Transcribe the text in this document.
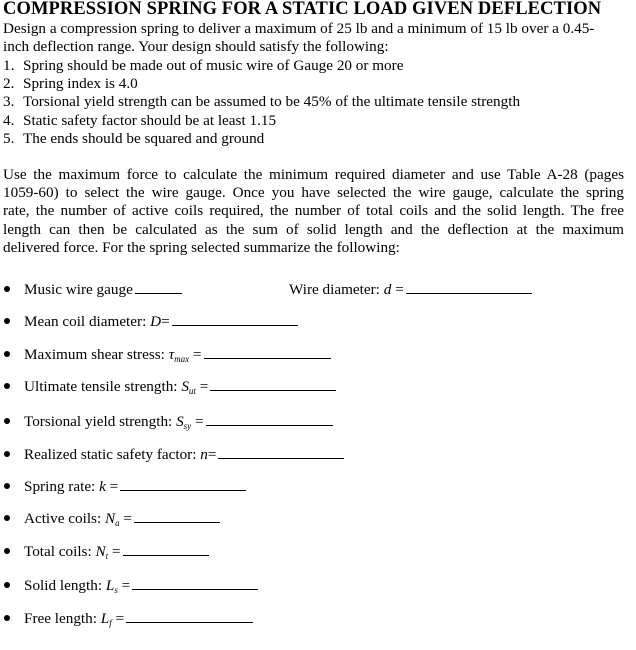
COMPRESSION SPRING FOR A STATIC LOAD GIVEN DEFLECTION
Design a compression spring to deliver a maximum of 25 lb and a minimum of 15 lb over a 0.45-
inch deflection range. Your design should satisfy the following:
1. Spring should be made out of music wire of Gauge 20 or more
2. Spring index is 4.0
3. Torsional yield strength can be assumed to be 45% of the ultimate tensile strength
4. Static safety factor should be at least 1.15
5. The ends should be squared and ground
Use the maximum force to calculate the minimum required diameter and use Table A-28 (pages
1059-60) to select the wire gauge. Once you have selected the wire gauge, calculate the spring
rate, the number of active coils required, the number of total coils and the solid length. The free
length can then be calculated as the sum of solid length and the deflection at the maximum
delivered force. For the spring selected summarize the following:
Music wire gauge	Wire diameter: d =
Mean coil diameter: D=
Maximum shear stress: $\tau_{max}$ =
Ultimate tensile strength: $S_{ut}$ =
Torsional yield strength: $S_{sy}$ =
Realized static safety factor: n=
Spring rate: k =
Active coils: $N_a$ =
Total coils: $N_t$ =
Solid length: $L_s$ =
Free length: $L_f$ =
